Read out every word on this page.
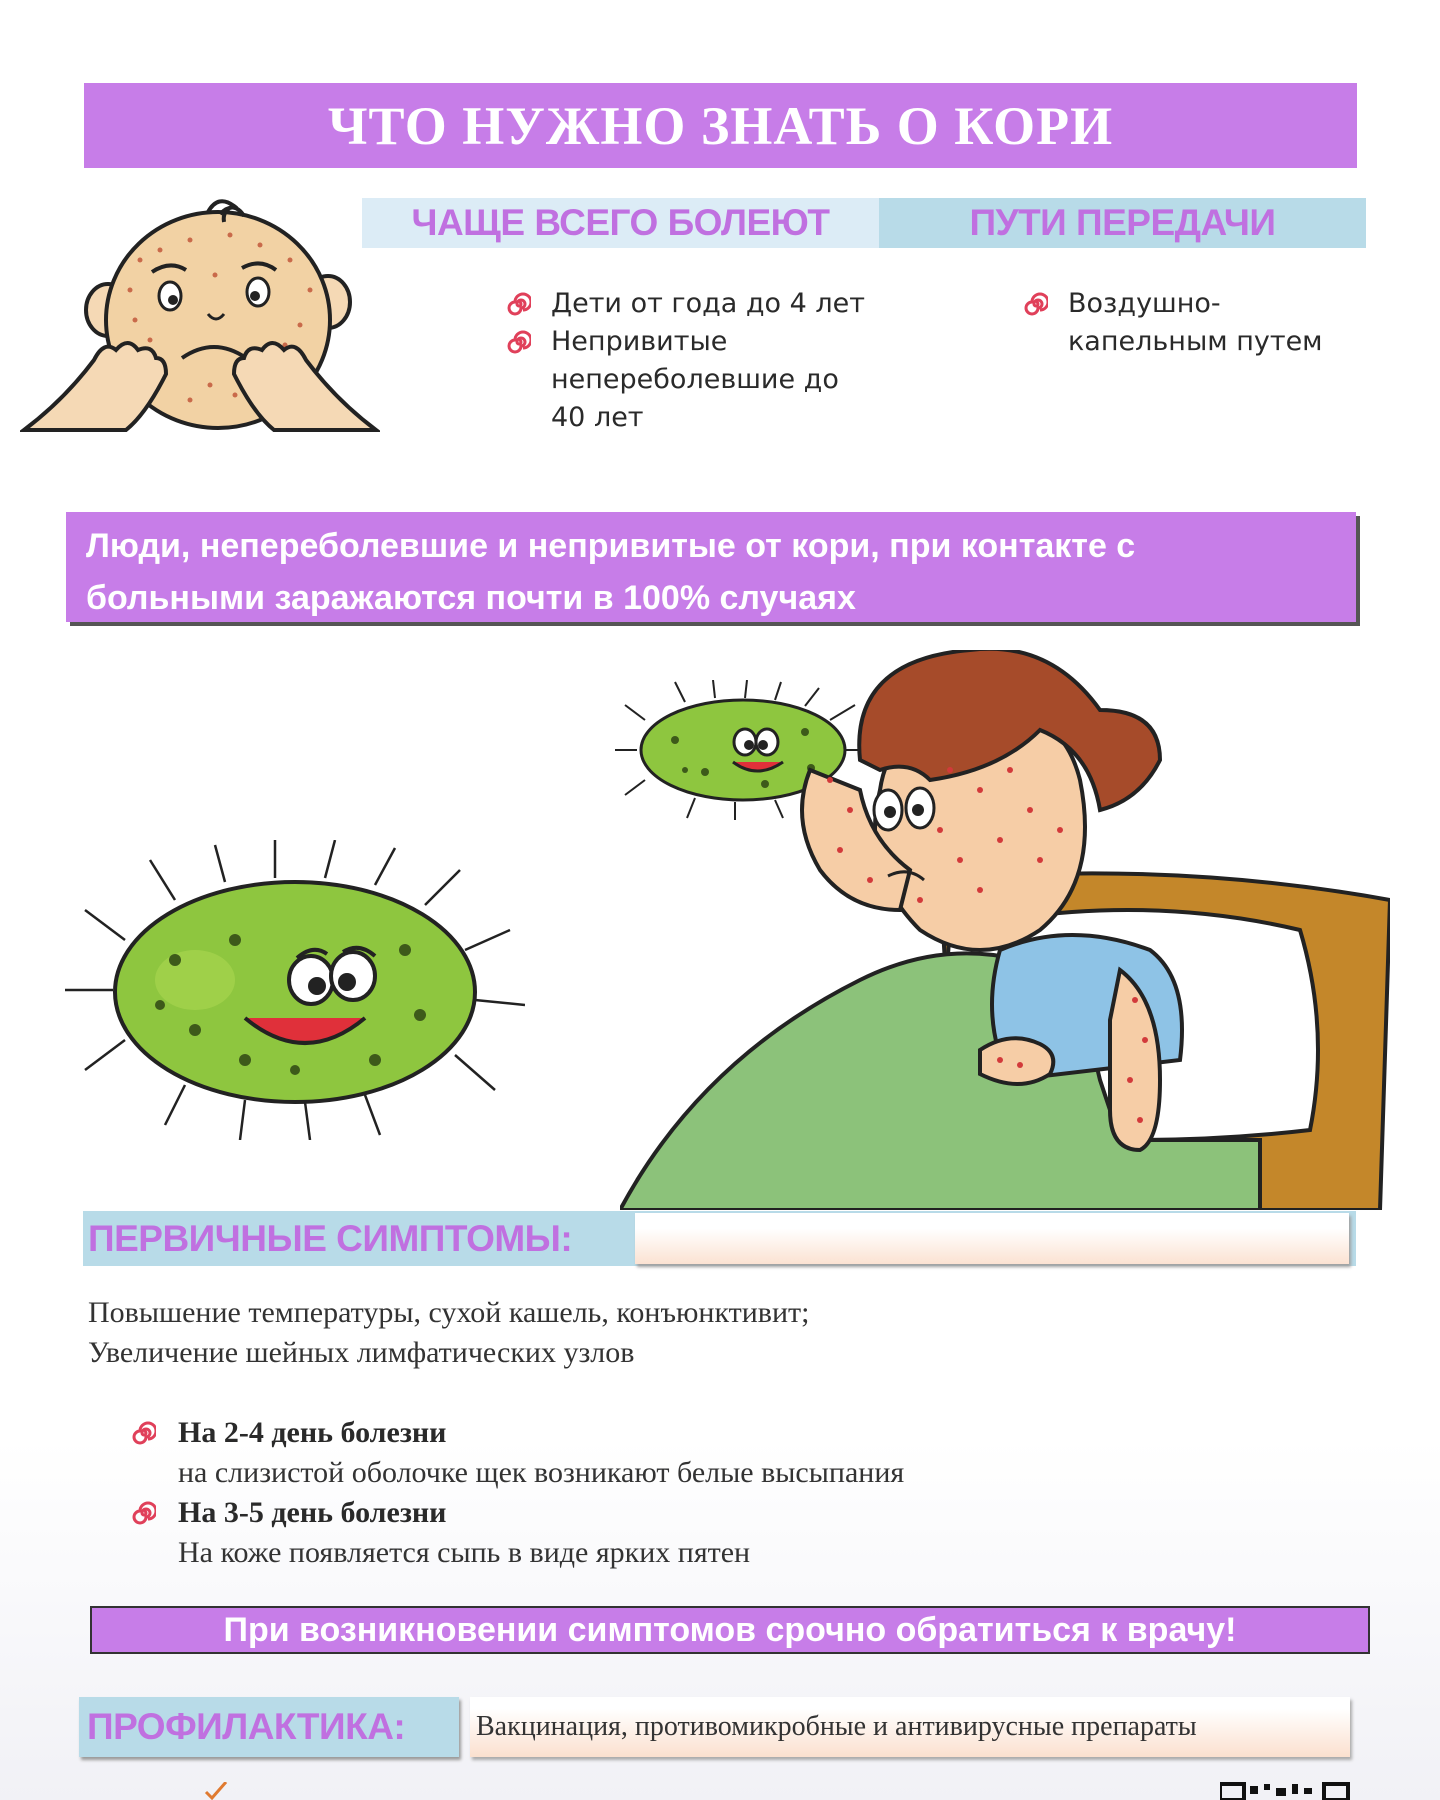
ЧТО НУЖНО ЗНАТЬ О КОРИ
ЧАЩЕ ВСЕГО БОЛЕЮТ	ПУТИ ПЕРЕДАЧИ
Дети от года до 4 лет
Непривитые непереболевшие до 40 лет
Воздушно-капельным путем
Люди, непереболевшие и непривитые от кори, при контакте с
больными заражаются почти в 100% случаях
ПЕРВИЧНЫЕ СИМПТОМЫ:
Повышение температуры, сухой кашель, конъюнктивит;
Увеличение шейных лимфатических узлов
На 2-4 день болезни
на слизистой оболочке щек возникают белые высыпания
На 3-5 день болезни
На коже появляется сыпь в виде ярких пятен
При возникновении симптомов срочно обратиться к врачу!
ПРОФИЛАКТИКА:	Вакцинация, противомикробные и антивирусные препараты
